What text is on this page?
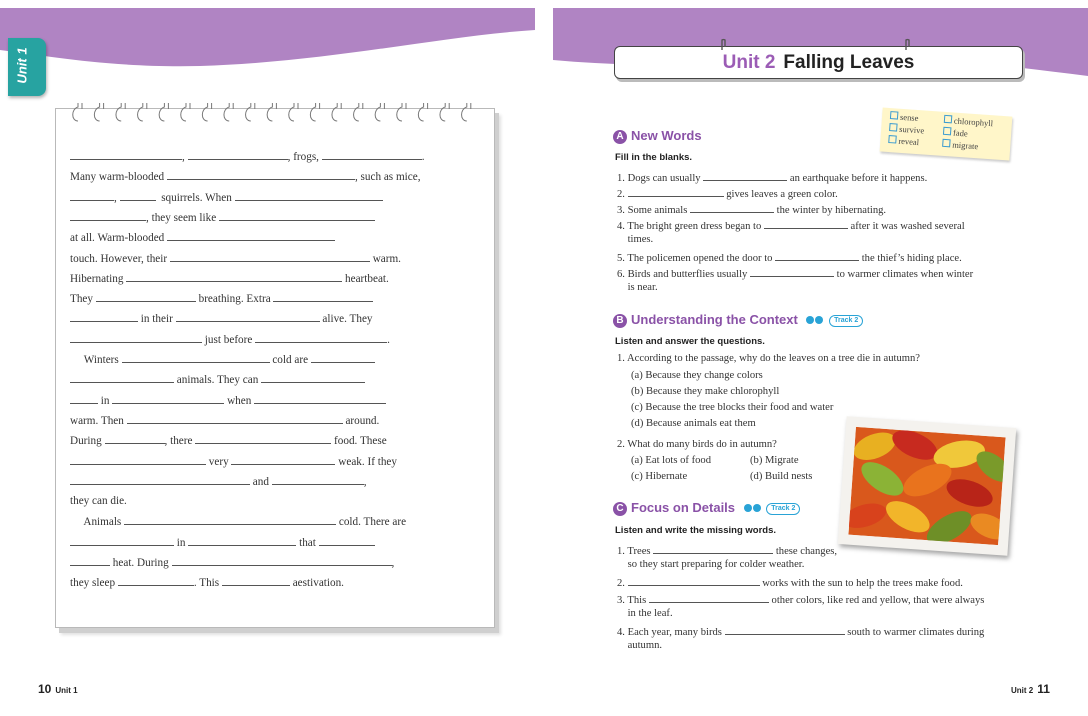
Unit 1
,	, frogs,	.
Many warm-blooded	, such as mice,
,	squirrels. When
, they seem like
at all. Warm-blooded
touch. However, their	warm.
Hibernating	heartbeat.
They	breathing. Extra
in their	alive. They
just before	.
Winters	cold are
animals. They can
in	when
warm. Then	around.
During	, there	food. These
very	weak. If they
and	,
they can die.
Animals	cold. There are
in	that
heat. During	,
they sleep	. This	aestivation.
10 Unit 1
Unit 2 Falling Leaves
sense
survive
reveal
chlorophyll
fade
migrate
A New Words
Fill in the blanks.
1. Dogs can usually	an earthquake before it happens.
2.	gives leaves a green color.
3. Some animals	the winter by hibernating.
4. The bright green dress began to	after it was washed several
times.
5. The policemen opened the door to	the thief’s hiding place.
6. Birds and butterflies usually	to warmer climates when winter
is near.
B Understanding the Context	Track 2
Listen and answer the questions.
1. According to the passage, why do the leaves on a tree die in autumn?
(a) Because they change colors
(b) Because they make chlorophyll
(c) Because the tree blocks their food and water
(d) Because animals eat them
2. What do many birds do in autumn?
(a) Eat lots of food	(b) Migrate
(c) Hibernate	(d) Build nests
C Focus on Details	Track 2
Listen and write the missing words.
1. Trees	these changes,
so they start preparing for colder weather.
2.	works with the sun to help the trees make food.
3. This	other colors, like red and yellow, that were always
in the leaf.
4. Each year, many birds	south to warmer climates during
autumn.
Unit 2 11
